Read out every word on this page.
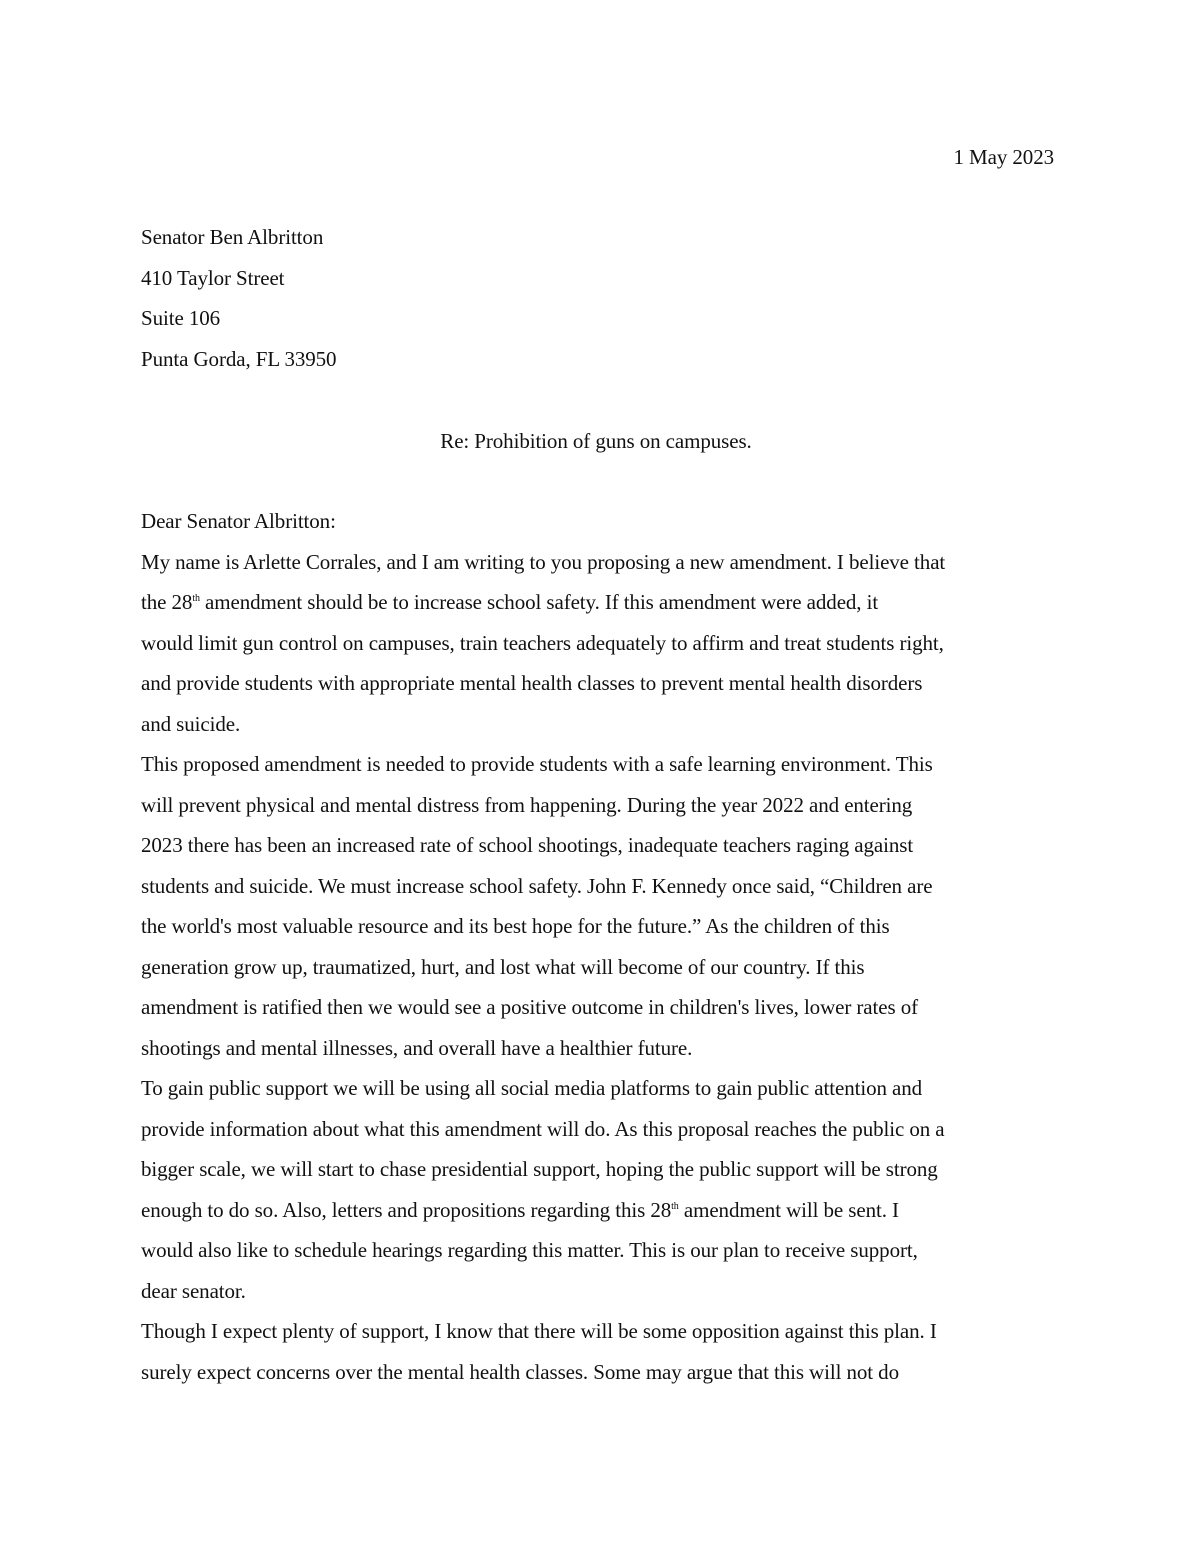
1 May 2023
Senator Ben Albritton
410 Taylor Street
Suite 106
Punta Gorda, FL 33950
Re: Prohibition of guns on campuses.
Dear Senator Albritton:
My name is Arlette Corrales, and I am writing to you proposing a new amendment. I believe that
the 28th amendment should be to increase school safety. If this amendment were added, it
would limit gun control on campuses, train teachers adequately to affirm and treat students right,
and provide students with appropriate mental health classes to prevent mental health disorders
and suicide.
This proposed amendment is needed to provide students with a safe learning environment. This
will prevent physical and mental distress from happening. During the year 2022 and entering
2023 there has been an increased rate of school shootings, inadequate teachers raging against
students and suicide. We must increase school safety. John F. Kennedy once said, “Children are
the world's most valuable resource and its best hope for the future.” As the children of this
generation grow up, traumatized, hurt, and lost what will become of our country. If this
amendment is ratified then we would see a positive outcome in children's lives, lower rates of
shootings and mental illnesses, and overall have a healthier future.
To gain public support we will be using all social media platforms to gain public attention and
provide information about what this amendment will do. As this proposal reaches the public on a
bigger scale, we will start to chase presidential support, hoping the public support will be strong
enough to do so. Also, letters and propositions regarding this 28th amendment will be sent. I
would also like to schedule hearings regarding this matter. This is our plan to receive support,
dear senator.
Though I expect plenty of support, I know that there will be some opposition against this plan. I
surely expect concerns over the mental health classes. Some may argue that this will not do
